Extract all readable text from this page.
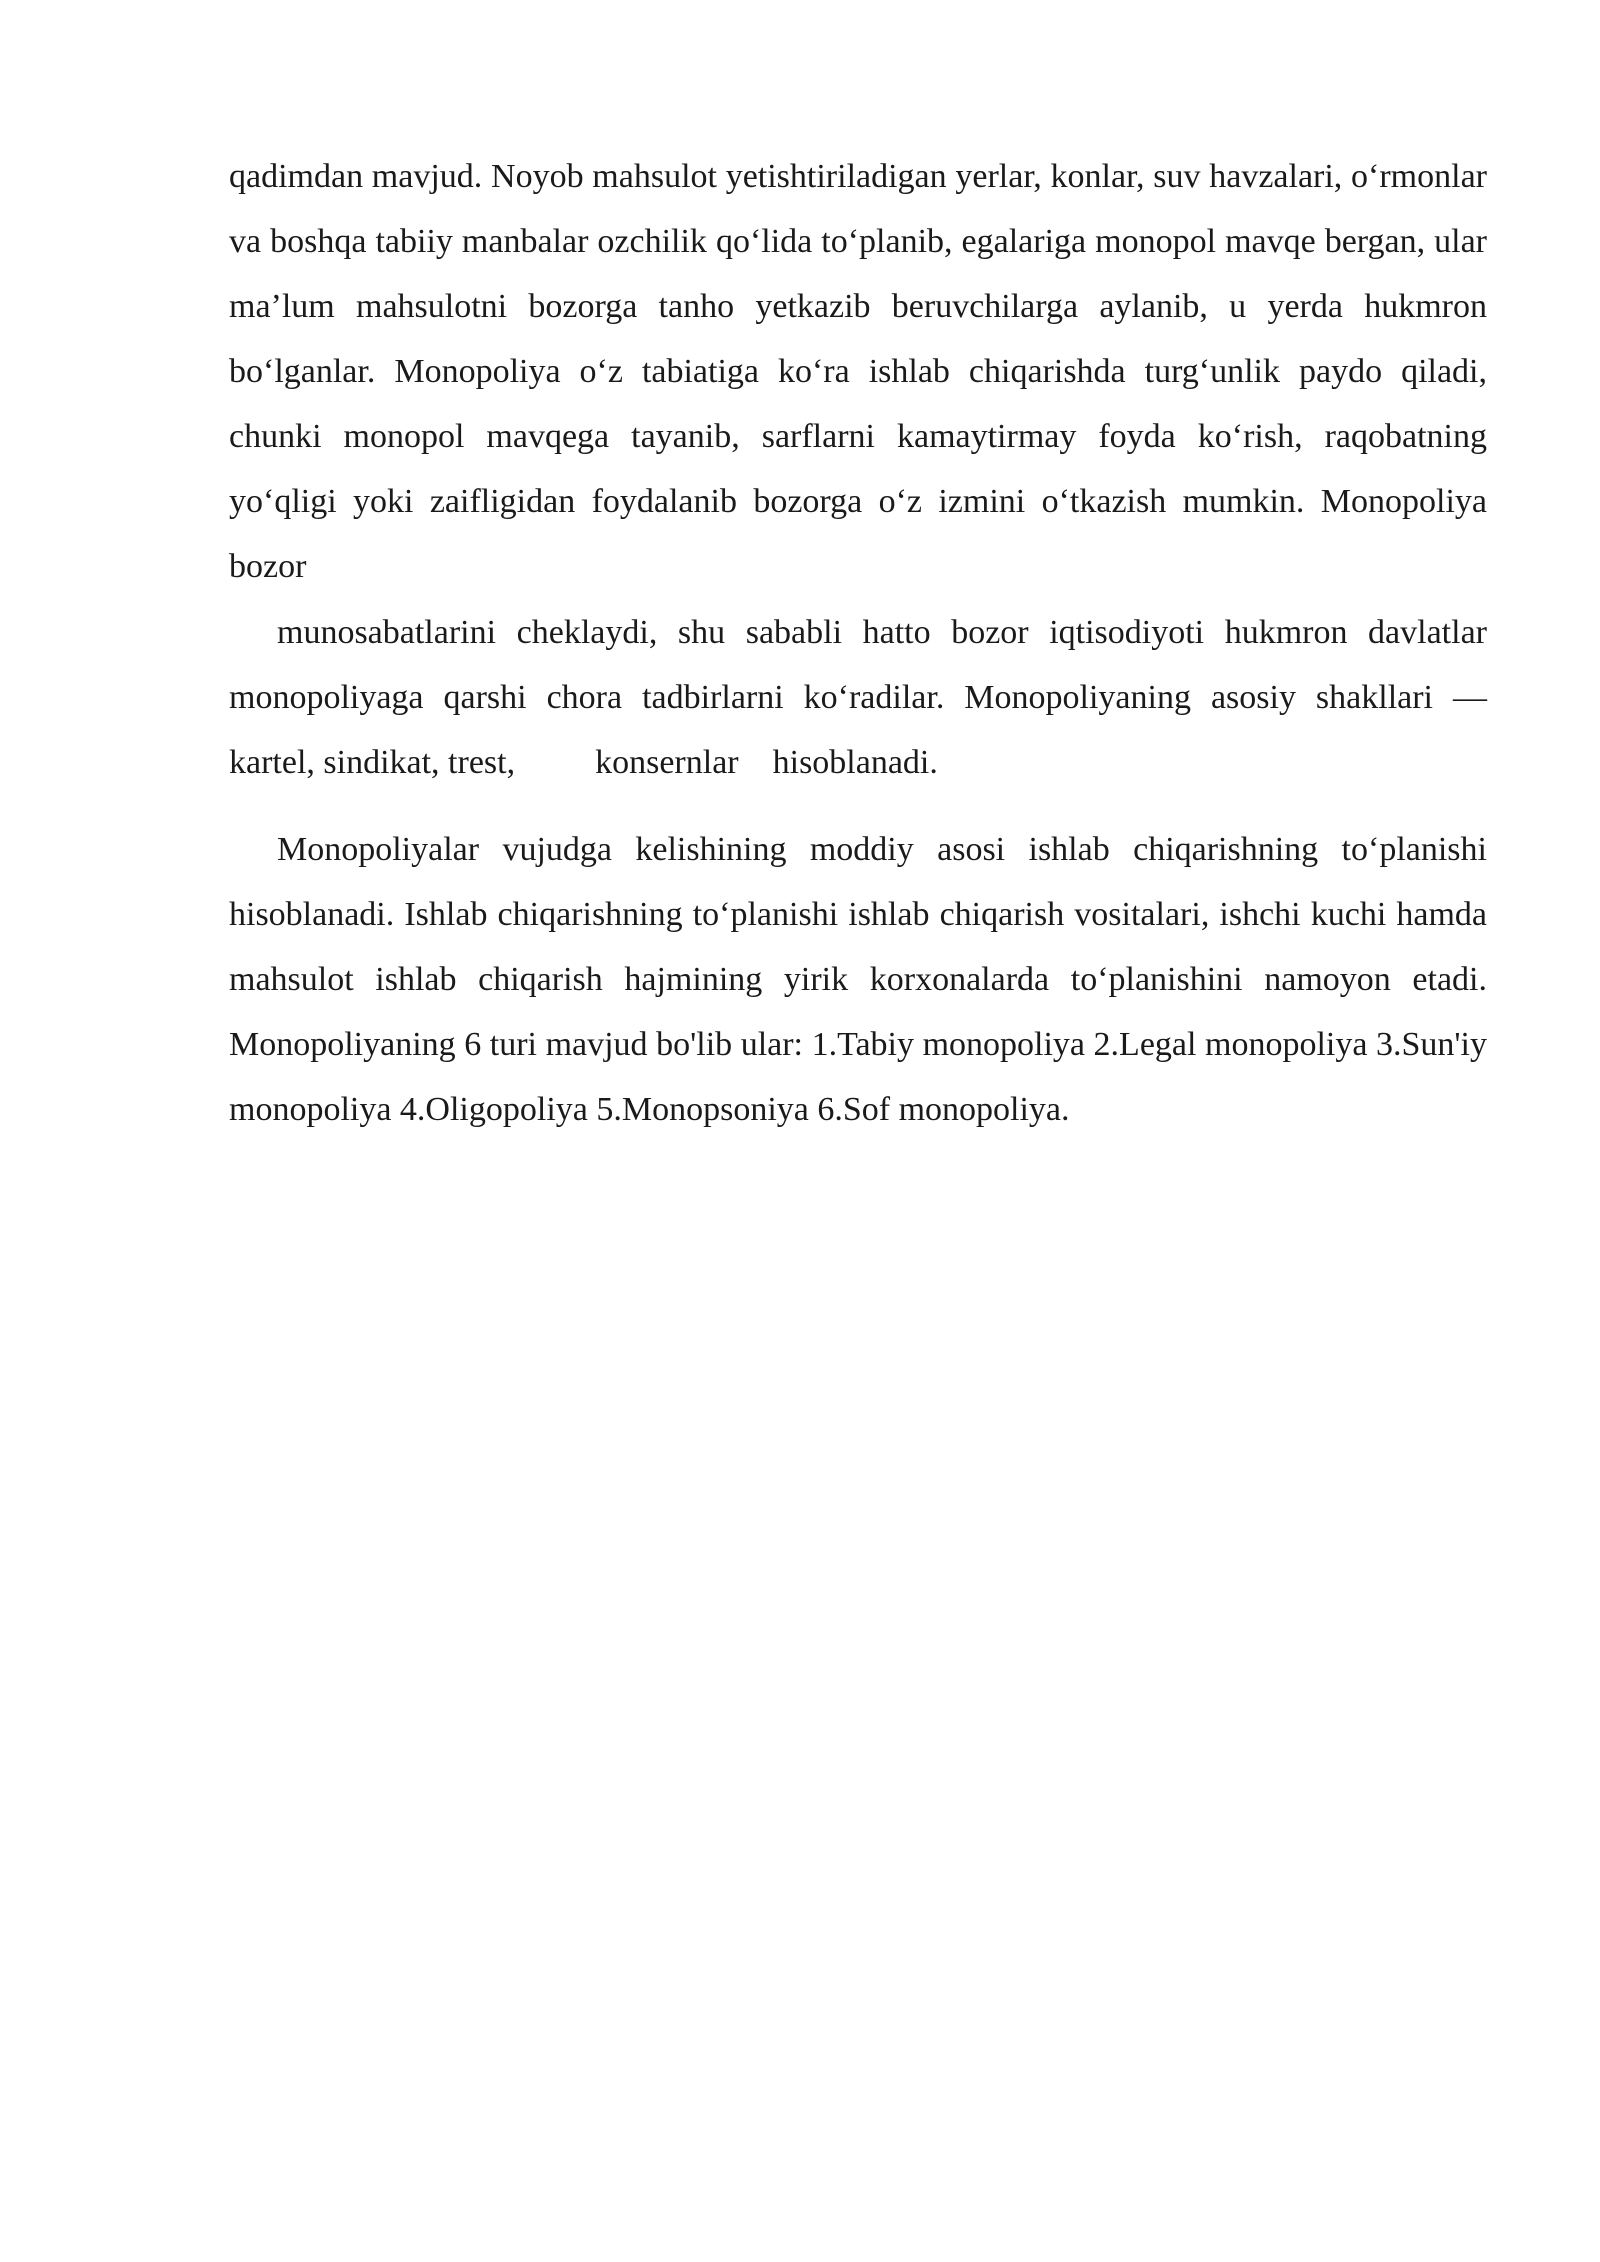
qadimdan mavjud. Noyob mahsulot yetishtiriladigan yerlar, konlar, suv havzalari, o‘rmonlar va boshqa tabiiy manbalar ozchilik qo‘lida to‘planib, egalariga monopol mavqe bergan, ular ma’lum mahsulotni bozorga tanho yetkazib beruvchilarga aylanib, u yerda hukmron bo‘lganlar. Monopoliya o‘z tabiatiga ko‘ra ishlab chiqarishda turg‘unlik paydo qiladi, chunki monopol mavqega tayanib, sarflarni kamaytirmay foyda ko‘rish, raqobatning yo‘qligi yoki zaifligidan foydalanib bozorga o‘z izmini o‘tkazish mumkin. Monopoliya bozor

munosabatlarini cheklaydi, shu sababli hatto bozor iqtisodiyoti hukmron davlatlar monopoliyaga qarshi chora tadbirlarni ko‘radilar. Monopoliyaning asosiy shakllari — kartel, sindikat, trest, konsernlar hisoblanadi.

Monopoliyalar vujudga kelishining moddiy asosi ishlab chiqarishning to‘planishi hisoblanadi. Ishlab chiqarishning to‘planishi ishlab chiqarish vositalari, ishchi kuchi hamda mahsulot ishlab chiqarish hajmining yirik korxonalarda to‘planishini namoyon etadi. Monopoliyaning 6 turi mavjud bo'lib ular: 1.Tabiy monopoliya 2.Legal monopoliya 3.Sun'iy monopoliya 4.Oligopoliya 5.Monopsoniya 6.Sof monopoliya.
